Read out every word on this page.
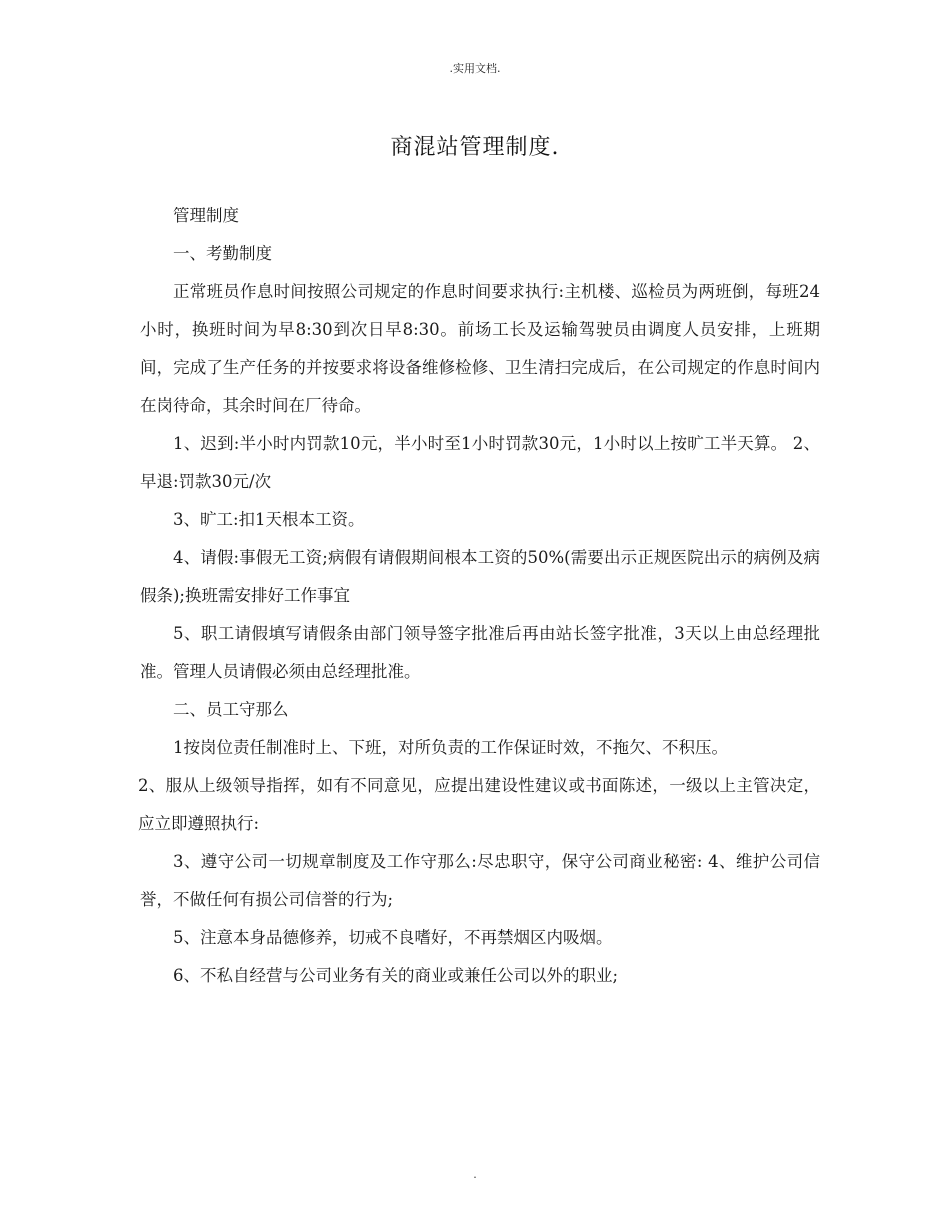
.实用文档.
商混站管理制度.

管理制度

一、考勤制度

正常班员作息时间按照公司规定的作息时间要求执行:主机楼、巡检员为两班倒，每班24小时，换班时间为早8:30到次日早8:30。前场工长及运输驾驶员由调度人员安排，上班期间，完成了生产任务的并按要求将设备维修检修、卫生清扫完成后，在公司规定的作息时间内在岗待命，其余时间在厂待命。

1、迟到:半小时内罚款10元，半小时至1小时罚款30元，1小时以上按旷工半天算。 2、早退:罚款30元/次

3、旷工:扣1天根本工资。

4、请假:事假无工资;病假有请假期间根本工资的50%(需要出示正规医院出示的病例及病假条);换班需安排好工作事宜

5、职工请假填写请假条由部门领导签字批准后再由站长签字批准，3天以上由总经理批准。管理人员请假必须由总经理批准。

二、员工守那么

1按岗位责任制准时上、下班，对所负责的工作保证时效，不拖欠、不积压。

2、服从上级领导指挥，如有不同意见，应提出建设性建议或书面陈述，一级以上主管决定，应立即遵照执行:

3、遵守公司一切规章制度及工作守那么:尽忠职守，保守公司商业秘密: 4、维护公司信誉，不做任何有损公司信誉的行为;

5、注意本身品德修养，切戒不良嗜好，不再禁烟区内吸烟。

6、不私自经营与公司业务有关的商业或兼任公司以外的职业;

.
